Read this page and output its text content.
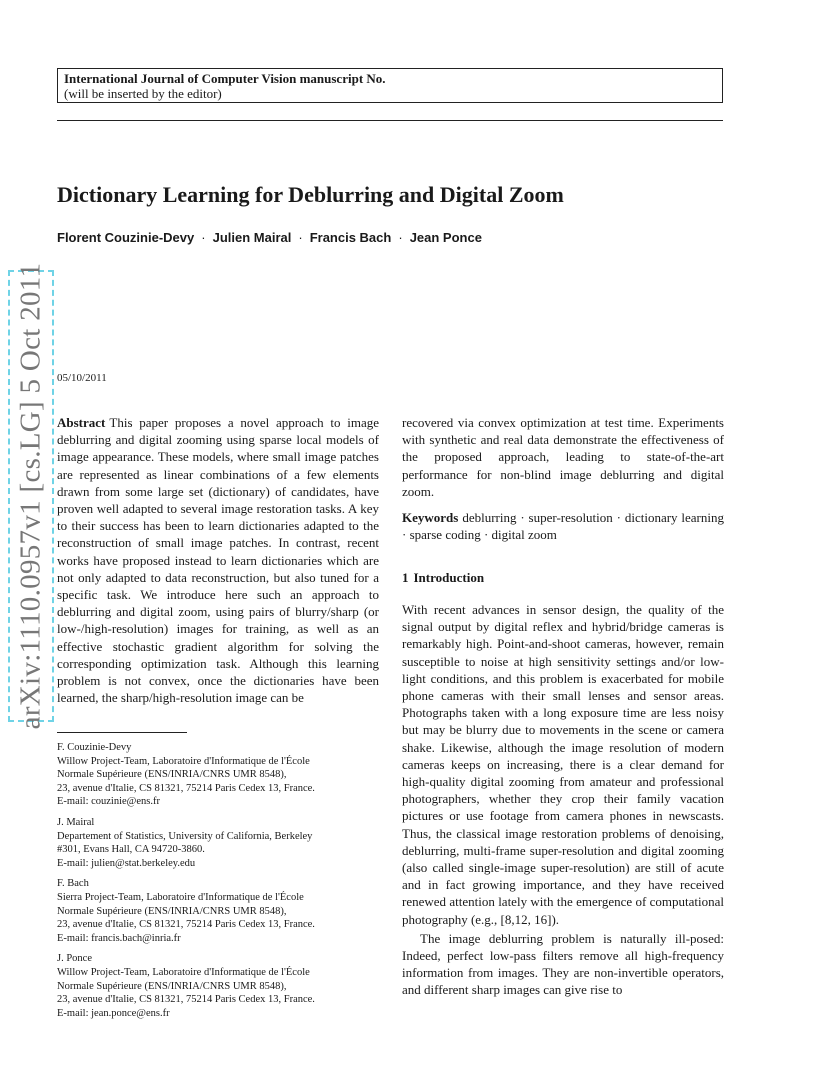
International Journal of Computer Vision manuscript No.
(will be inserted by the editor)
arXiv:1110.0957v1 [cs.LG] 5 Oct 2011
Dictionary Learning for Deblurring and Digital Zoom
Florent Couzinie-Devy · Julien Mairal · Francis Bach · Jean Ponce
05/10/2011
Abstract This paper proposes a novel approach to image deblurring and digital zooming using sparse local models of image appearance. These models, where small image patches are represented as linear combinations of a few elements drawn from some large set (dictionary) of candidates, have proven well adapted to several image restoration tasks. A key to their success has been to learn dictionaries adapted to the reconstruction of small image patches. In contrast, recent works have proposed instead to learn dictionaries which are not only adapted to data reconstruction, but also tuned for a specific task. We introduce here such an approach to deblurring and digital zoom, using pairs of blurry/sharp (or low-/high-resolution) images for training, as well as an effective stochastic gradient algorithm for solving the corresponding optimization task. Although this learning problem is not convex, once the dictionaries have been learned, the sharp/high-resolution image can be
recovered via convex optimization at test time. Experiments with synthetic and real data demonstrate the effectiveness of the proposed approach, leading to state-of-the-art performance for non-blind image deblurring and digital zoom.
Keywords deblurring · super-resolution · dictionary learning · sparse coding · digital zoom
1 Introduction

With recent advances in sensor design, the quality of the signal output by digital reflex and hybrid/bridge cameras is remarkably high. Point-and-shoot cameras, however, remain susceptible to noise at high sensitivity settings and/or low-light conditions, and this problem is exacerbated for mobile phone cameras with their small lenses and sensor areas. Photographs taken with a long exposure time are less noisy but may be blurry due to movements in the scene or camera shake. Likewise, although the image resolution of modern cameras keeps on increasing, there is a clear demand for high-quality digital zooming from amateur and professional photographers, whether they crop their family vacation pictures or use footage from camera phones in newscasts. Thus, the classical image restoration problems of denoising, deblurring, multi-frame super-resolution and digital zooming (also called single-image super-resolution) are still of acute and in fact growing importance, and they have received renewed attention lately with the emergence of computational photography (e.g., [8,12, 16]).

The image deblurring problem is naturally ill-posed: Indeed, perfect low-pass filters remove all high-frequency information from images. They are non-invertible operators, and different sharp images can give rise to

F. Couzinie-Devy
Willow Project-Team, Laboratoire d'Informatique de l'École
Normale Supérieure (ENS/INRIA/CNRS UMR 8548),
23, avenue d'Italie, CS 81321, 75214 Paris Cedex 13, France.
E-mail: couzinie@ens.fr
J. Mairal
Departement of Statistics, University of California, Berkeley
#301, Evans Hall, CA 94720-3860.
E-mail: julien@stat.berkeley.edu
F. Bach
Sierra Project-Team, Laboratoire d'Informatique de l'École
Normale Supérieure (ENS/INRIA/CNRS UMR 8548),
23, avenue d'Italie, CS 81321, 75214 Paris Cedex 13, France.
E-mail: francis.bach@inria.fr
J. Ponce
Willow Project-Team, Laboratoire d'Informatique de l'École
Normale Supérieure (ENS/INRIA/CNRS UMR 8548),
23, avenue d'Italie, CS 81321, 75214 Paris Cedex 13, France.
E-mail: jean.ponce@ens.fr
